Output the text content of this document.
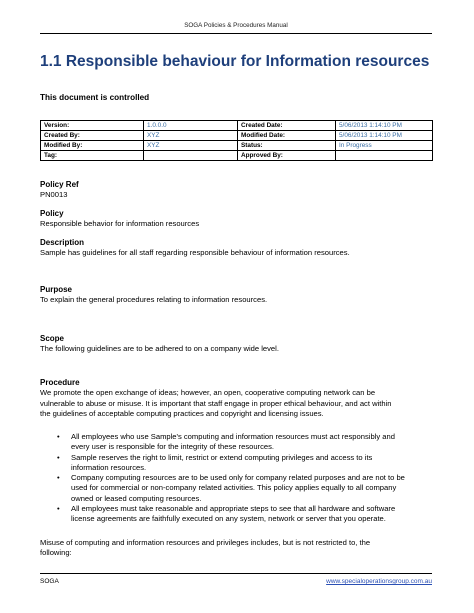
SOGA Policies & Procedures Manual
1.1 Responsible behaviour for Information resources
This document is controlled
Version:	1.0.0.0	Created Date:	5/06/2013 1:14:10 PM
Created By:	XYZ	Modified Date:	5/06/2013 1:14:10 PM
Modified By:	XYZ	Status:	In Progress
Tag:		Approved By:	
Policy Ref
PN0013
Policy
Responsible behavior for information resources
Description
Sample has guidelines for all staff regarding responsible behaviour of information resources.
Purpose
To explain the general procedures relating to information resources.
Scope
The following guidelines are to be adhered to on a company wide level.
Procedure
We promote the open exchange of ideas; however, an open, cooperative computing network can be
vulnerable to abuse or misuse. It is important that staff engage in proper ethical behaviour, and act within
the guidelines of acceptable computing practices and copyright and licensing issues.
• All employees who use Sample's computing and information resources must act responsibly and
every user is responsible for the integrity of these resources.
• Sample reserves the right to limit, restrict or extend computing privileges and access to its
information resources.
• Company computing resources are to be used only for company related purposes and are not to be
used for commercial or non-company related activities. This policy applies equally to all company
owned or leased computing resources.
• All employees must take reasonable and appropriate steps to see that all hardware and software
license agreements are faithfully executed on any system, network or server that you operate.
Misuse of computing and information resources and privileges includes, but is not restricted to, the
following:
SOGA	www.specialoperationsgroup.com.au
